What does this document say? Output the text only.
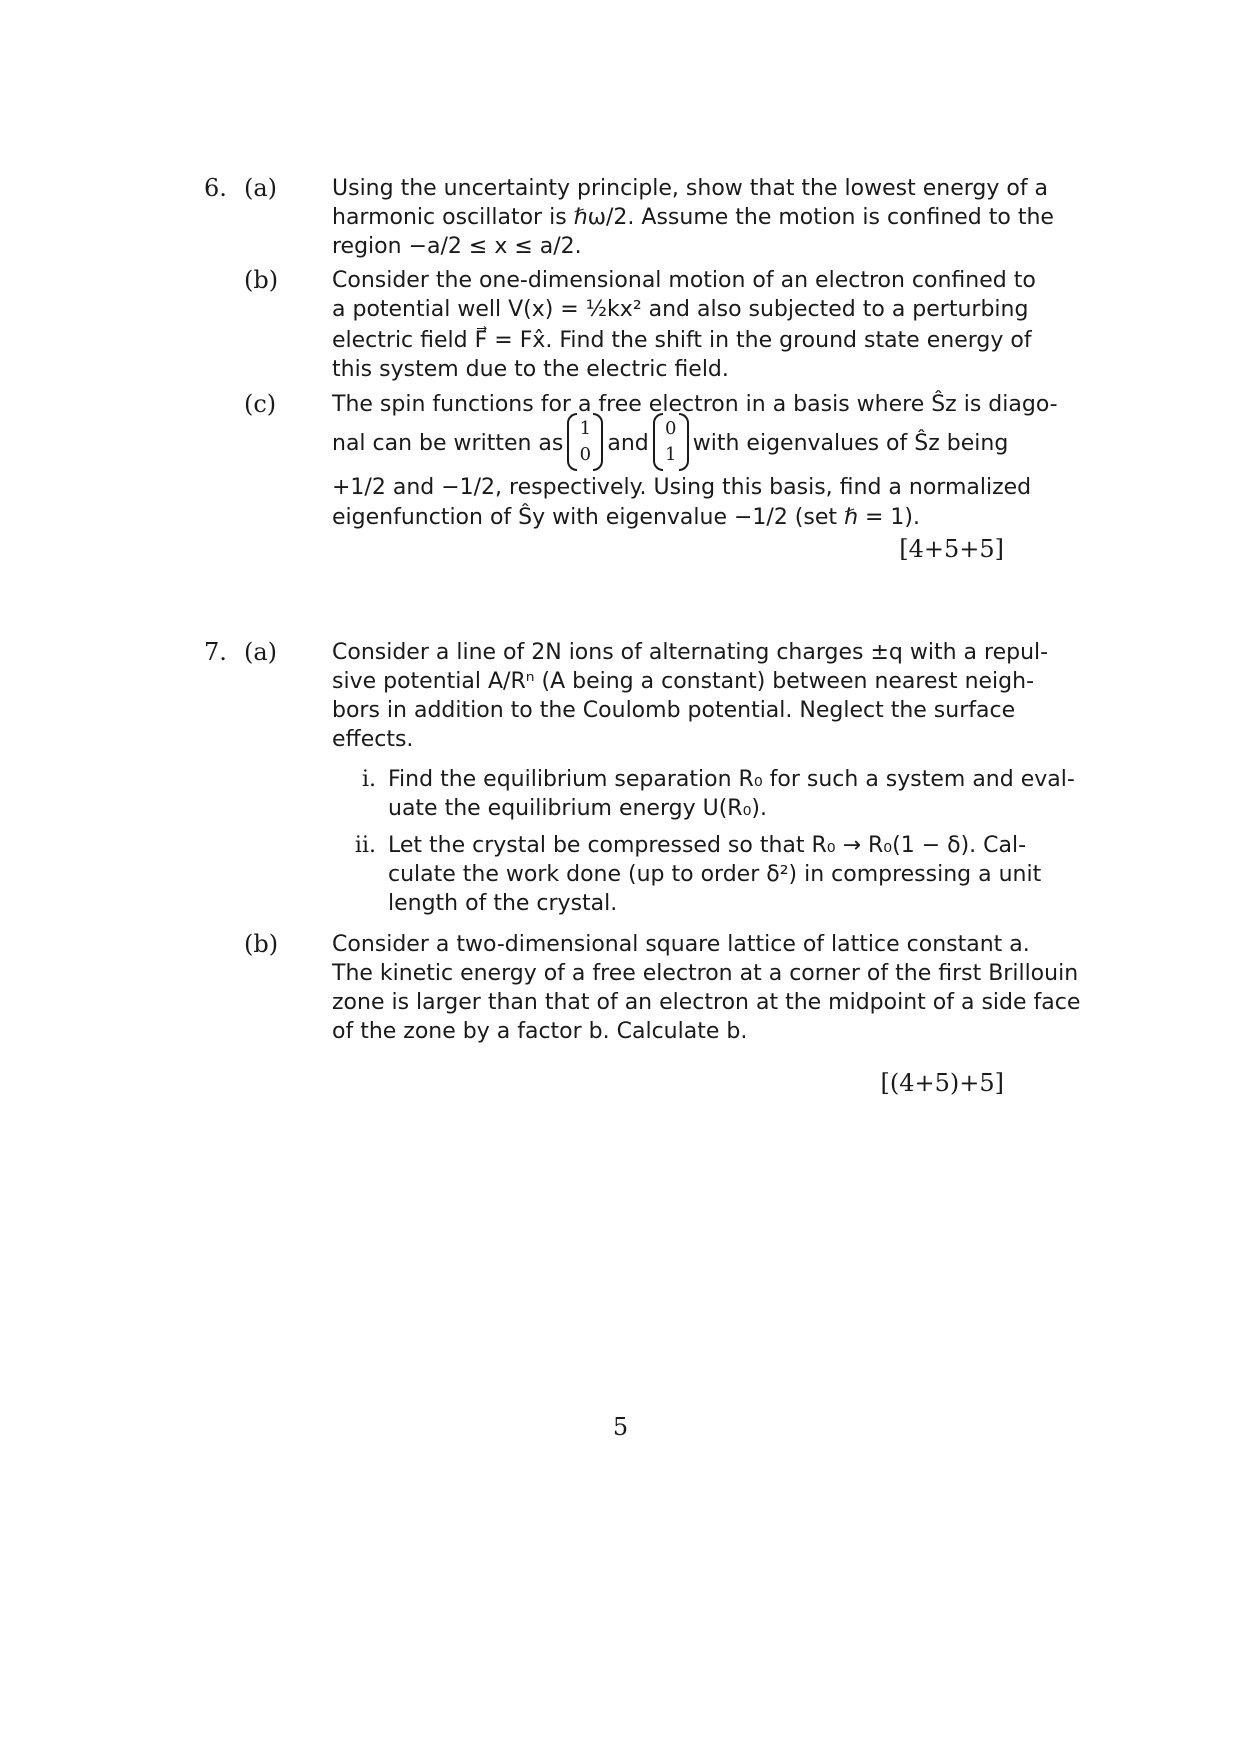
6. (a)	Using the uncertainty principle, show that the lowest energy of a
harmonic oscillator is ℏω/2. Assume the motion is confined to the
region −a/2 ≤ x ≤ a/2.
(b)	Consider the one-dimensional motion of an electron confined to
a potential well V(x) = ½kx² and also subjected to a perturbing
electric field F⃗ = Fx̂. Find the shift in the ground state energy of
this system due to the electric field.
(c)	The spin functions for a free electron in a basis where Ŝz is diago-
nal can be written as
1
0 and
0
1 with eigenvalues of Ŝz being
+1/2 and −1/2, respectively. Using this basis, find a normalized
eigenfunction of Ŝy with eigenvalue −1/2 (set ℏ = 1).
[4+5+5]
7. (a)	Consider a line of 2N ions of alternating charges ±q with a repul-
sive potential A/Rⁿ (A being a constant) between nearest neigh-
bors in addition to the Coulomb potential. Neglect the surface
effects.
i. Find the equilibrium separation R₀ for such a system and eval-
uate the equilibrium energy U(R₀).
ii. Let the crystal be compressed so that R₀ → R₀(1 − δ). Cal-
culate the work done (up to order δ²) in compressing a unit
length of the crystal.
(b)	Consider a two-dimensional square lattice of lattice constant a.
The kinetic energy of a free electron at a corner of the first Brillouin
zone is larger than that of an electron at the midpoint of a side face
of the zone by a factor b. Calculate b.
[(4+5)+5]
5
